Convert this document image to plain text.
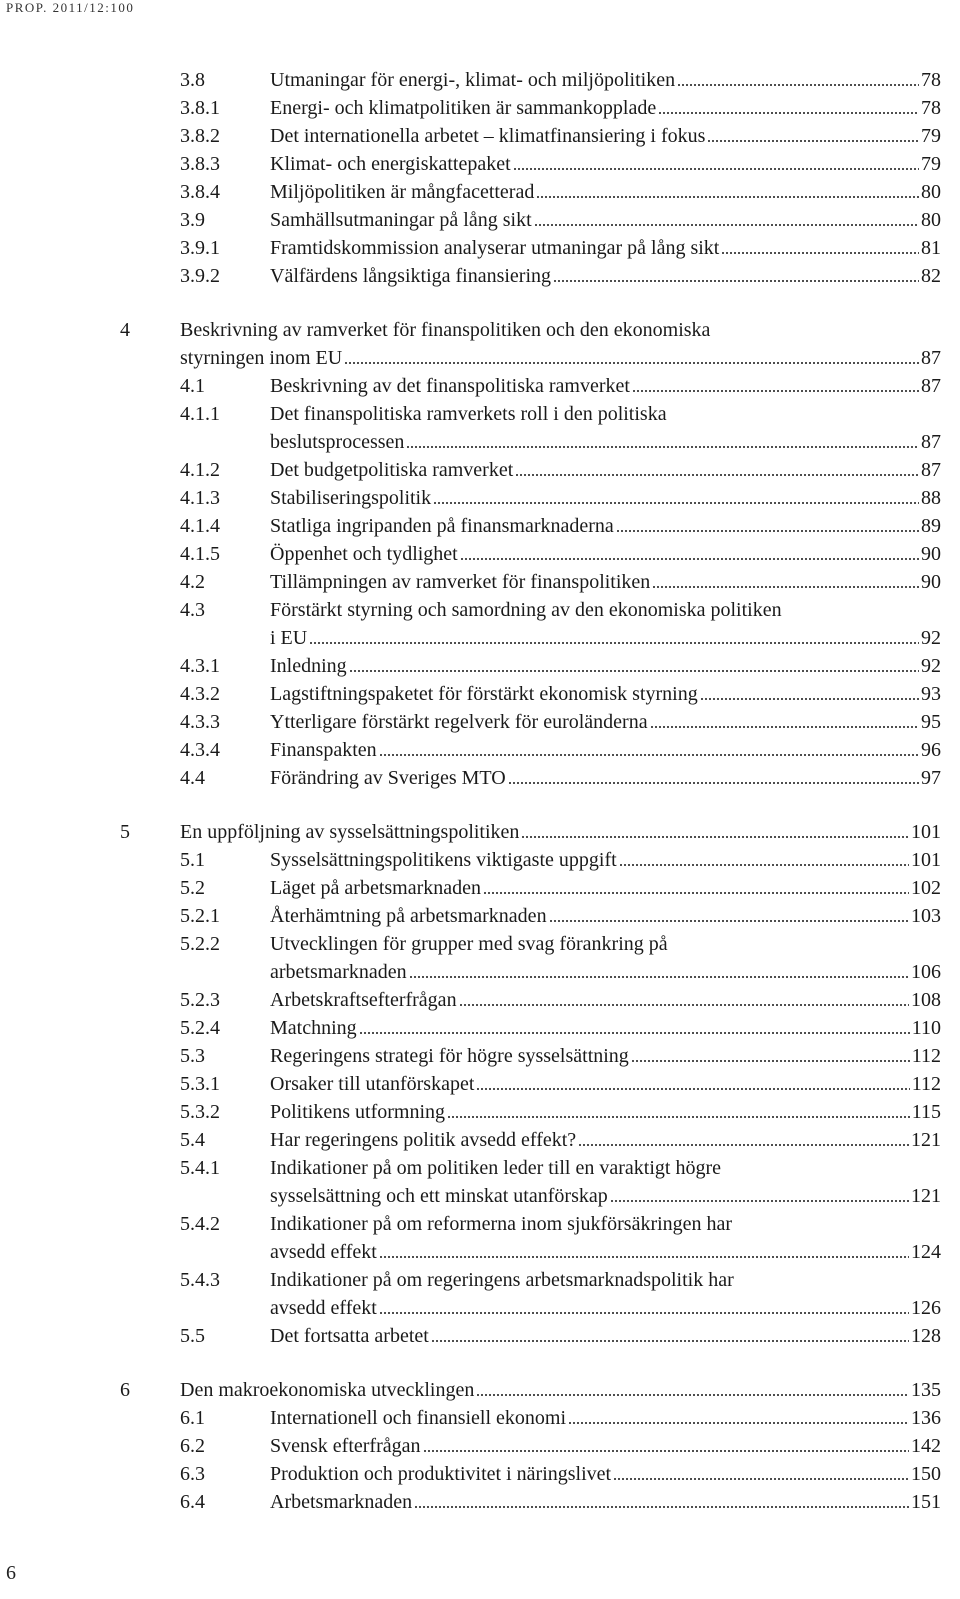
PROP. 2011/12:100
3.8	Utmaningar för energi-, klimat- och miljöpolitiken	78
3.8.1	Energi- och klimatpolitiken är sammankopplade	78
3.8.2	Det internationella arbetet – klimatfinansiering i fokus	79
3.8.3	Klimat- och energiskattepaket	79
3.8.4	Miljöpolitiken är mångfacetterad	80
3.9	Samhällsutmaningar på lång sikt	80
3.9.1	Framtidskommission analyserar utmaningar på lång sikt	81
3.9.2	Välfärdens långsiktiga finansiering	82
4	Beskrivning av ramverket för finanspolitiken och den ekonomiska
styrningen inom EU	87
4.1	Beskrivning av det finanspolitiska ramverket	87
4.1.1	Det finanspolitiska ramverkets roll i den politiska
beslutsprocessen	87
4.1.2	Det budgetpolitiska ramverket	87
4.1.3	Stabiliseringspolitik	88
4.1.4	Statliga ingripanden på finansmarknaderna	89
4.1.5	Öppenhet och tydlighet	90
4.2	Tillämpningen av ramverket för finanspolitiken	90
4.3	Förstärkt styrning och samordning av den ekonomiska politiken
i EU	92
4.3.1	Inledning	92
4.3.2	Lagstiftningspaketet för förstärkt ekonomisk styrning	93
4.3.3	Ytterligare förstärkt regelverk för euroländerna	95
4.3.4	Finanspakten	96
4.4	Förändring av Sveriges MTO	97
5	En uppföljning av sysselsättningspolitiken	101
5.1	Sysselsättningspolitikens viktigaste uppgift	101
5.2	Läget på arbetsmarknaden	102
5.2.1	Återhämtning på arbetsmarknaden	103
5.2.2	Utvecklingen för grupper med svag förankring på
arbetsmarknaden	106
5.2.3	Arbetskraftsefterfrågan	108
5.2.4	Matchning	110
5.3	Regeringens strategi för högre sysselsättning	112
5.3.1	Orsaker till utanförskapet	112
5.3.2	Politikens utformning	115
5.4	Har regeringens politik avsedd effekt?	121
5.4.1	Indikationer på om politiken leder till en varaktigt högre
sysselsättning och ett minskat utanförskap	121
5.4.2	Indikationer på om reformerna inom sjukförsäkringen har
avsedd effekt	124
5.4.3	Indikationer på om regeringens arbetsmarknadspolitik har
avsedd effekt	126
5.5	Det fortsatta arbetet	128
6	Den makroekonomiska utvecklingen	135
6.1	Internationell och finansiell ekonomi	136
6.2	Svensk efterfrågan	142
6.3	Produktion och produktivitet i näringslivet	150
6.4	Arbetsmarknaden	151
6
